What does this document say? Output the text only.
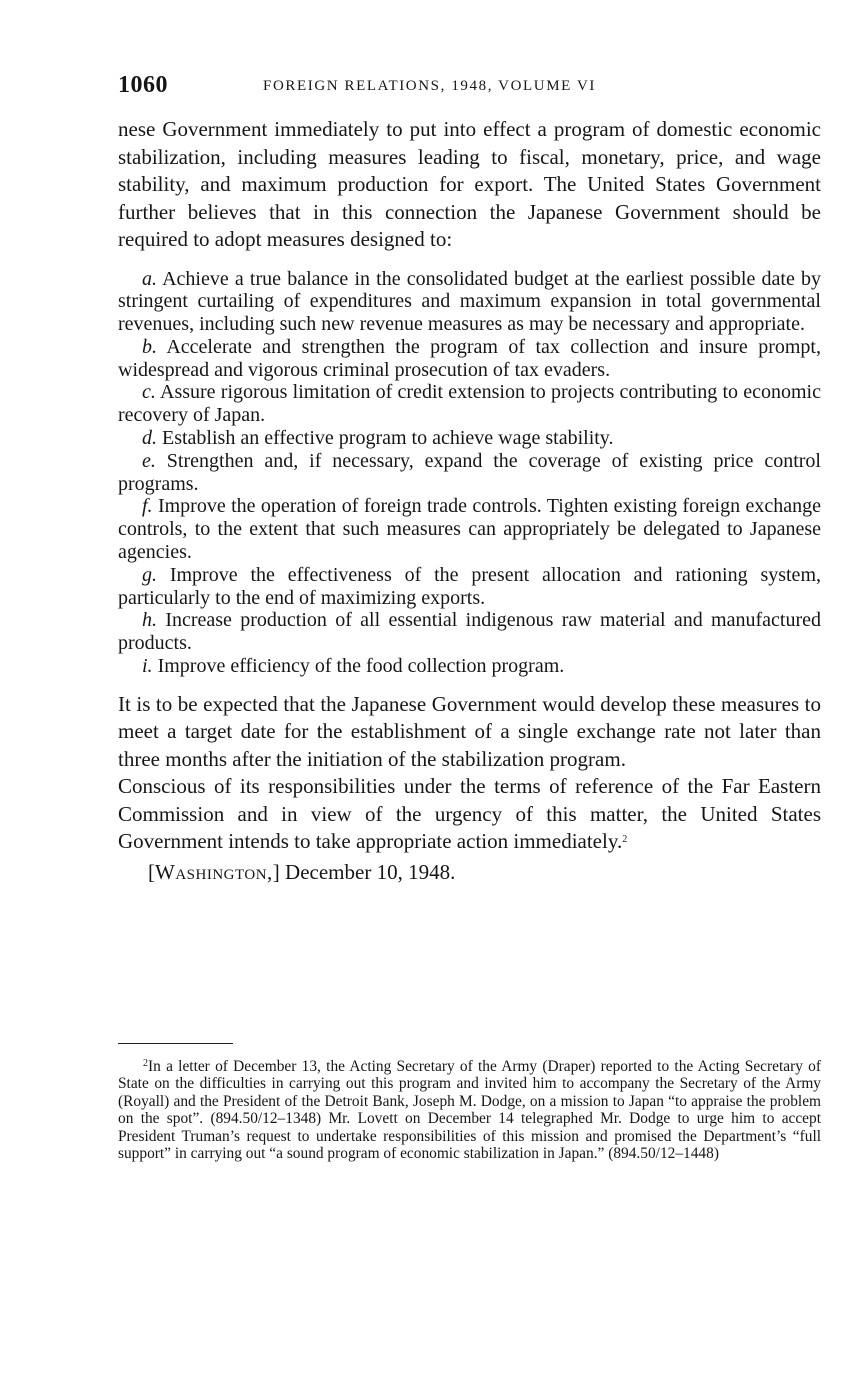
1060	FOREIGN RELATIONS, 1948, VOLUME VI

nese Government immediately to put into effect a program of domestic economic stabilization, including measures leading to fiscal, monetary, price, and wage stability, and maximum production for export. The United States Government further believes that in this connection the Japanese Government should be required to adopt measures designed to:

a. Achieve a true balance in the consolidated budget at the earliest possible date by stringent curtailing of expenditures and maximum expansion in total governmental revenues, including such new revenue measures as may be necessary and appropriate.

b. Accelerate and strengthen the program of tax collection and insure prompt, widespread and vigorous criminal prosecution of tax evaders.

c. Assure rigorous limitation of credit extension to projects contributing to economic recovery of Japan.

d. Establish an effective program to achieve wage stability.

e. Strengthen and, if necessary, expand the coverage of existing price control programs.

f. Improve the operation of foreign trade controls. Tighten existing foreign exchange controls, to the extent that such measures can appropriately be delegated to Japanese agencies.

g. Improve the effectiveness of the present allocation and rationing system, particularly to the end of maximizing exports.

h. Increase production of all essential indigenous raw material and manufactured products.

i. Improve efficiency of the food collection program.

It is to be expected that the Japanese Government would develop these measures to meet a target date for the establishment of a single exchange rate not later than three months after the initiation of the stabilization program.

Conscious of its responsibilities under the terms of reference of the Far Eastern Commission and in view of the urgency of this matter, the United States Government intends to take appropriate action immediately.$^2$

[Washington,] December 10, 1948.

$^2$In a letter of December 13, the Acting Secretary of the Army (Draper) reported to the Acting Secretary of State on the difficulties in carrying out this program and invited him to accompany the Secretary of the Army (Royall) and the President of the Detroit Bank, Joseph M. Dodge, on a mission to Japan “to appraise the problem on the spot”. (894.50/12–1348) Mr. Lovett on December 14 telegraphed Mr. Dodge to urge him to accept President Truman’s request to undertake responsibilities of this mission and promised the Department’s “full support” in carrying out “a sound program of economic stabilization in Japan.” (894.50/12–1448)
